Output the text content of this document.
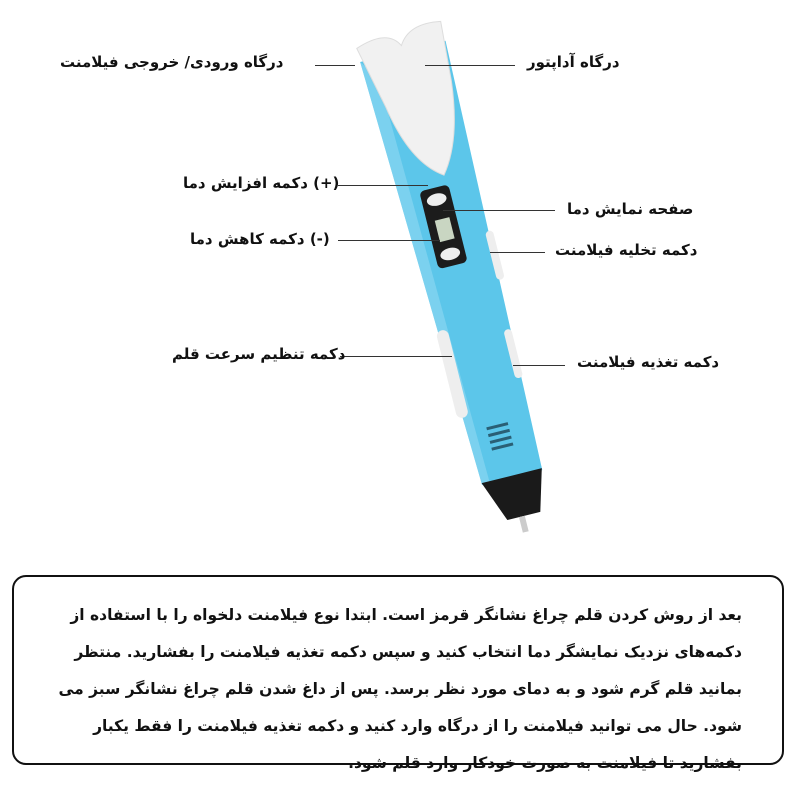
درگاه ورودی/ خروجی فیلامنت	درگاه آداپتور
(+) دکمه افزایش دما
صفحه نمایش دما
(-) دکمه کاهش دما
دکمه تخلیه فیلامنت
دکمه تنظیم سرعت قلم	دکمه تغذیه فیلامنت
بعد از روش کردن قلم چراغ نشانگر قرمز است. ابتدا نوع فیلامنت دلخواه را با استفاده از دکمه‌های نزدیک نمایشگر دما انتخاب کنید و سپس دکمه تغذیه فیلامنت را بفشارید. منتظر بمانید قلم گرم شود و به دمای مورد نظر برسد. پس از داغ شدن قلم چراغ نشانگر سبز می شود. حال می توانید فیلامنت را از درگاه وارد کنید و دکمه تغذیه فیلامنت را فقط یکبار بفشارید تا فیلامنت به صورت خودکار وارد قلم شود.
